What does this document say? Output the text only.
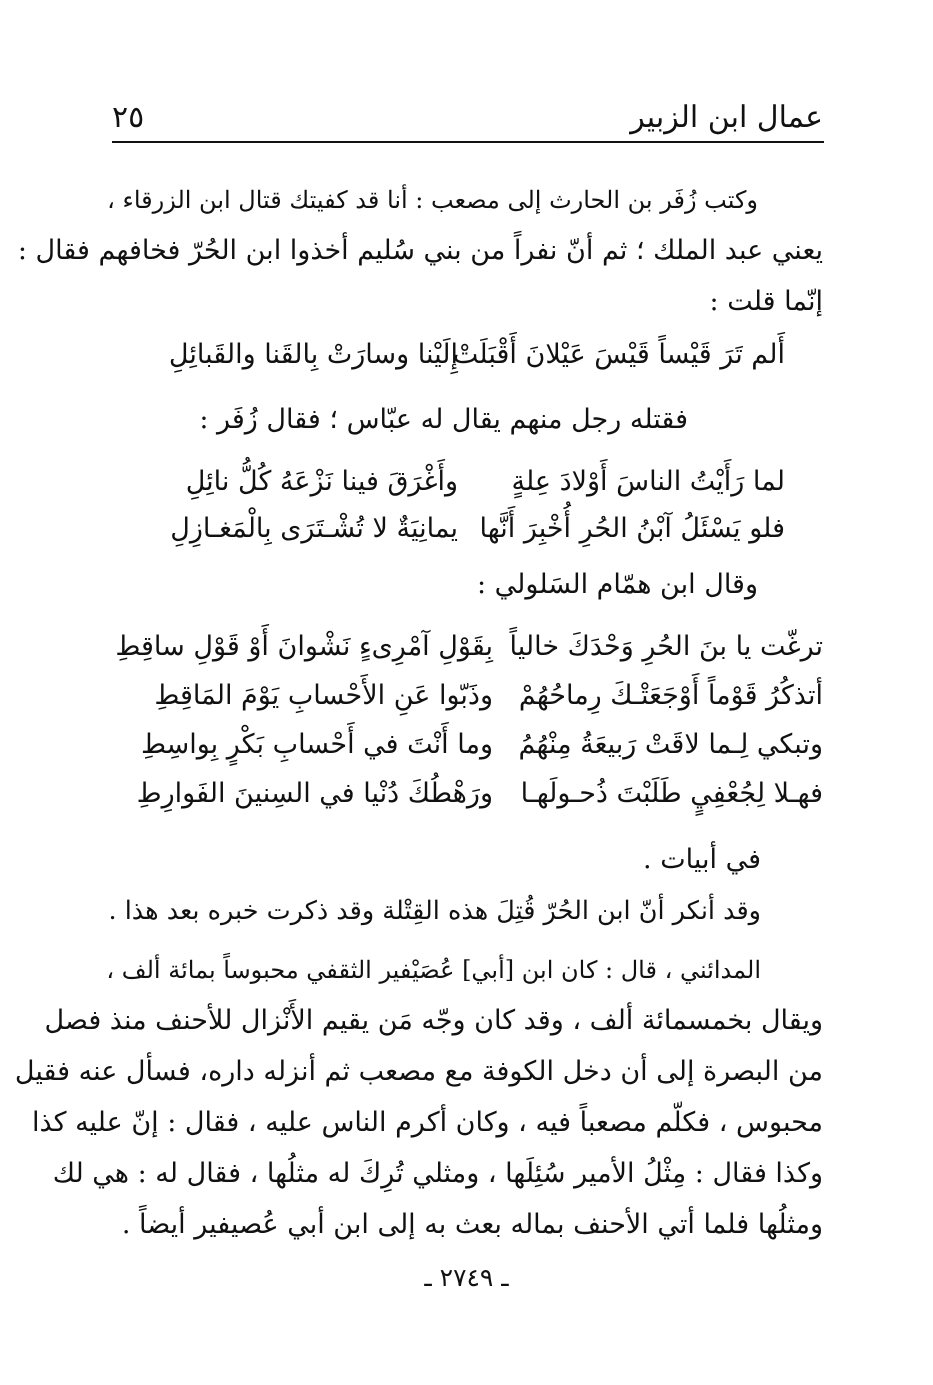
عمال ابن الزبير
٢٥
وكتب زُفَر بن الحارث إلى مصعب : أنا قد كفيتك قتال ابن الزرقاء ،
يعني عبد الملك ؛ ثم أنّ نفراً من بني سُليم أخذوا ابن الحُرّ فخافهم فقال :
إنّما قلت :
أَلم تَرَ قَيْساً قَيْسَ عَيْلانَ أَقْبَلَتْ
إِلَيْنا وسارَتْ بِالقَنا والقَبائِلِ
فقتله رجل منهم يقال له عبّاس ؛ فقال زُفَر :
لما رَأَيْتُ الناسَ أَوْلادَ عِلةٍ
وأَغْرَقَ فينا نَزْعَهُ كُلُّ نائِلِ
فلو يَسْئَلُ آبْنُ الحُرِ أُخْبِرَ أَنَّها
يمانِيَةٌ لا تُشْـتَرَى بِالْمَغـازِلِ
وقال ابن همّام السَلولي :
ترغّت يا بنَ الحُرِ وَحْدَكَ خالياً
بِقَوْلِ آمْرِىءٍ نَشْوانَ أَوْ قَوْلِ ساقِطِ
أتذكُرُ قَوْماً أَوْجَعَتْـكَ رِماحُهُمْ
وذَبّوا عَنِ الأَحْسابِ يَوْمَ المَاقِطِ
وتبكي لِـما لاقَتْ رَبيعَةُ مِنْهُمُ
وما أَنْتَ في أَحْسابِ بَكْرٍ بِواسِطِ
فهـلا لِجُعْفِيٍ طَلَبْتَ ذُحـولَهـا
ورَهْطُكَ دُنْيا في السِنينَ الفَوارِطِ
في أبيات .
وقد أنكر أنّ ابن الحُرّ قُتِلَ هذه القِتْلة وقد ذكرت خبره بعد هذا .
المدائني ، قال : كان ابن [أبي] عُصَيْفير الثقفي محبوساً بمائة ألف ،
ويقال بخمسمائة ألف ، وقد كان وجّه مَن يقيم الأَنْزال للأحنف منذ فصل
من البصرة إلى أن دخل الكوفة مع مصعب ثم أنزله داره، فسأل عنه فقيل
محبوس ، فكلّم مصعباً فيه ، وكان أكرم الناس عليه ، فقال : إنّ عليه كذا
وكذا فقال : مِثْلُ الأمير سُئِلَها ، ومثلي تُرِكَ له مثلُها ، فقال له : هي لك
ومثلُها فلما أتي الأحنف بماله بعث به إلى ابن أبي عُصيفير أيضاً .
ـ ٢٧٤٩ ـ
